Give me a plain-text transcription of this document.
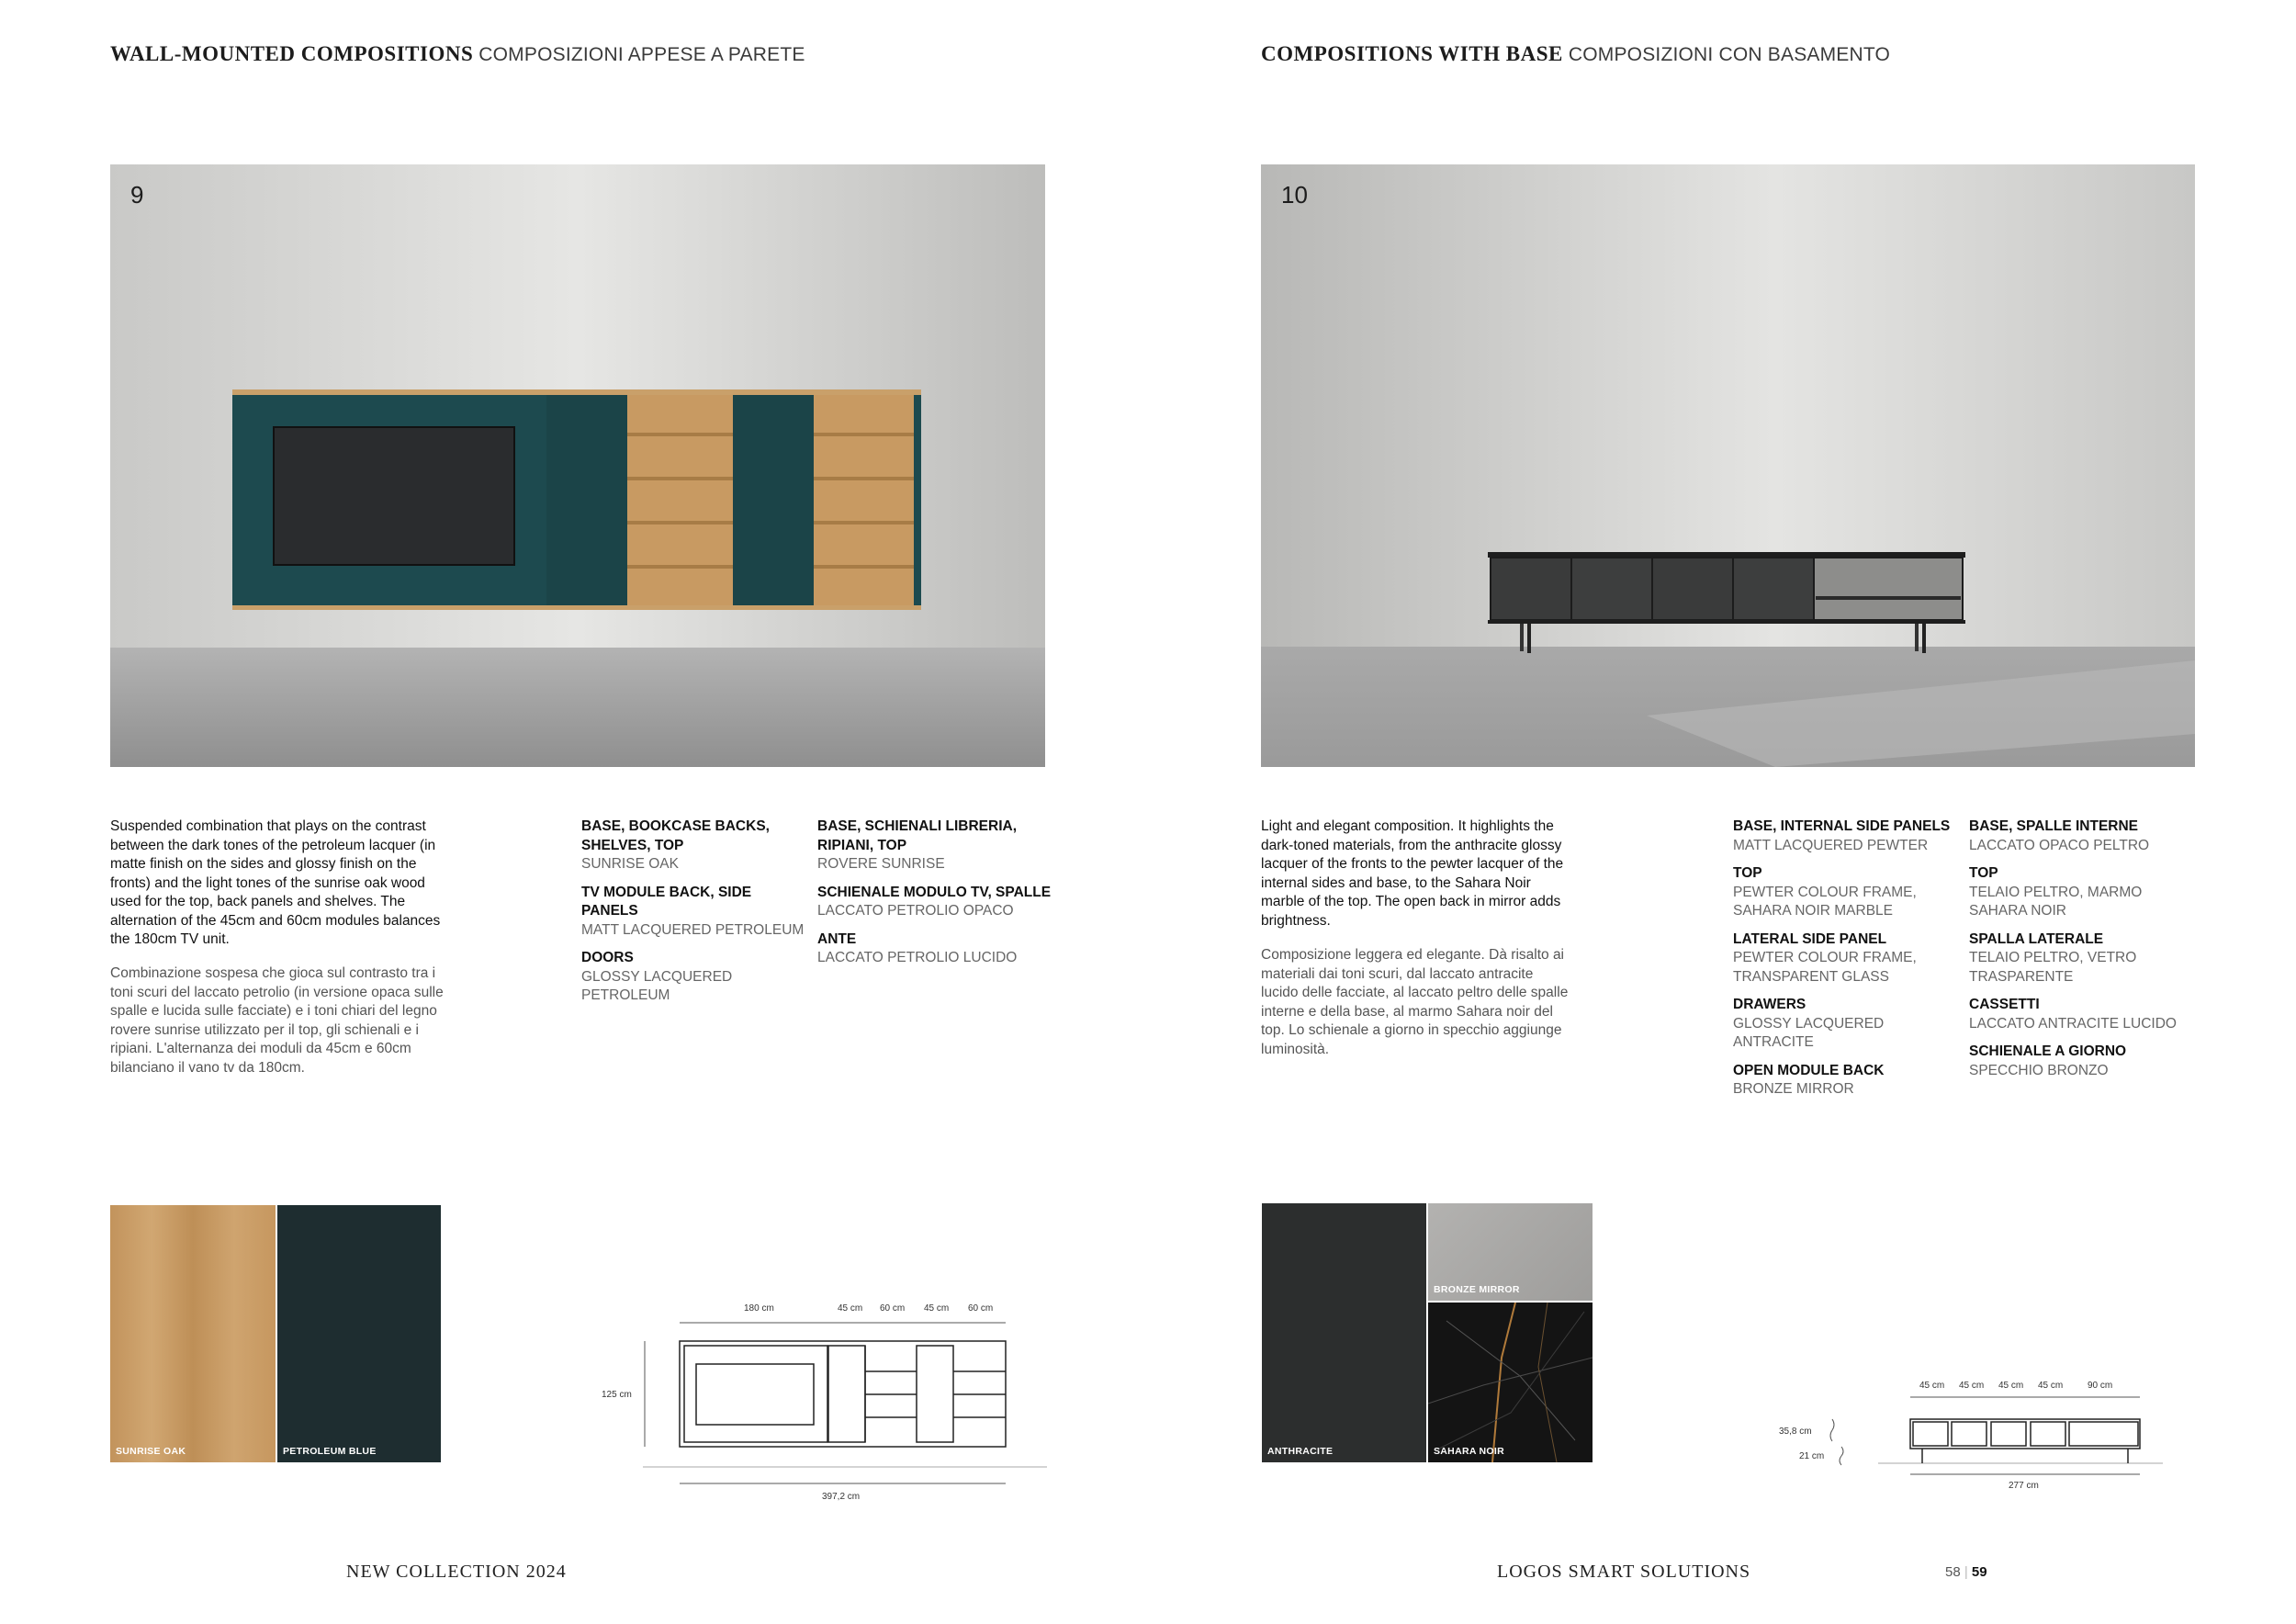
WALL-MOUNTED COMPOSITIONS COMPOSIZIONI APPESE A PARETE
9
Suspended combination that plays on the contrast between the dark tones of the petroleum lacquer (in matte finish on the sides and glossy finish on the fronts) and the light tones of the sunrise oak wood used for the top, back panels and shelves. The alternation of the 45cm and 60cm modules balances the 180cm TV unit.
Combinazione sospesa che gioca sul contrasto tra i toni scuri del laccato petrolio (in versione opaca sulle spalle e lucida sulle facciate) e i toni chiari del legno rovere sunrise utilizzato per il top, gli schienali e i ripiani. L'alternanza dei moduli da 45cm e 60cm bilanciano il vano tv da 180cm.
BASE, BOOKCASE BACKS, SHELVES, TOP
SUNRISE OAK
TV MODULE BACK, SIDE PANELS
MATT LACQUERED PETROLEUM
DOORS
GLOSSY LACQUERED PETROLEUM
BASE, SCHIENALI LIBRERIA, RIPIANI, TOP
ROVERE SUNRISE
SCHIENALE MODULO TV, SPALLE
LACCATO PETROLIO OPACO
ANTE
LACCATO PETROLIO LUCIDO
SUNRISE OAK	PETROLEUM BLUE
180 cm	45 cm 60 cm 45 cm 60 cm
125 cm
397,2 cm
NEW COLLECTION 2024
COMPOSITIONS WITH BASE COMPOSIZIONI CON BASAMENTO
10
Light and elegant composition. It highlights the dark-toned materials, from the anthracite glossy lacquer of the fronts to the pewter lacquer of the internal sides and base, to the Sahara Noir marble of the top. The open back in mirror adds brightness.
Composizione leggera ed elegante. Dà risalto ai materiali dai toni scuri, dal laccato antracite lucido delle facciate, al laccato peltro delle spalle interne e della base, al marmo Sahara noir del top. Lo schienale a giorno in specchio aggiunge luminosità.
BASE, INTERNAL SIDE PANELS
MATT LACQUERED PEWTER
TOP
PEWTER COLOUR FRAME, SAHARA NOIR MARBLE
LATERAL SIDE PANEL
PEWTER COLOUR FRAME, TRANSPARENT GLASS
DRAWERS
GLOSSY LACQUERED ANTRACITE
OPEN MODULE BACK
BRONZE MIRROR
BASE, SPALLE INTERNE
LACCATO OPACO PELTRO
TOP
TELAIO PELTRO, MARMO SAHARA NOIR
SPALLA LATERALE
TELAIO PELTRO, VETRO TRASPARENTE
CASSETTI
LACCATO ANTRACITE LUCIDO
SCHIENALE A GIORNO
SPECCHIO BRONZO
ANTHRACITE
BRONZE MIRROR
SAHARA NOIR
45 cm 45 cm 45 cm 45 cm	90 cm
35,8 cm
21 cm
277 cm
LOGOS SMART SOLUTIONS	58 | 59
